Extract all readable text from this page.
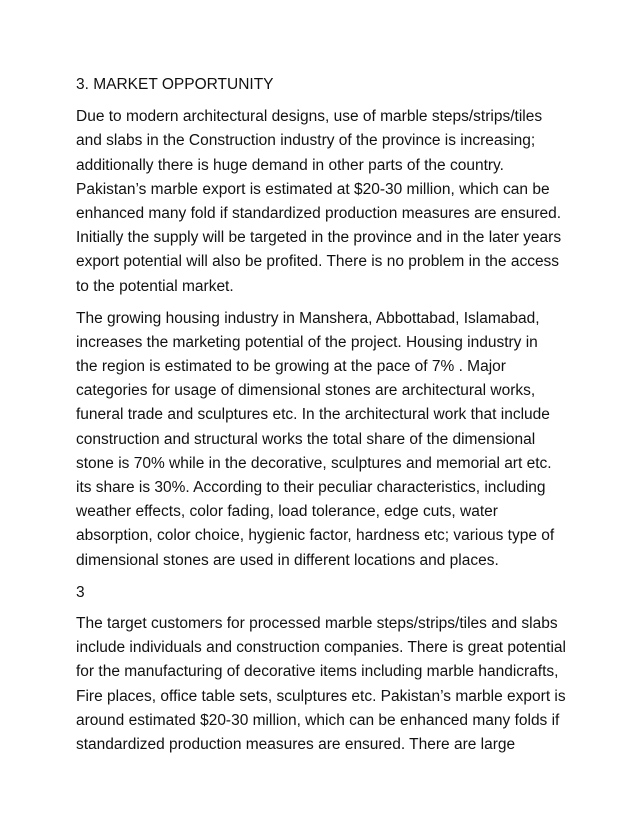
3. MARKET OPPORTUNITY
Due to modern architectural designs, use of marble steps/strips/tiles
and slabs in the Construction industry of the province is increasing;
additionally there is huge demand in other parts of the country.
Pakistan’s marble export is estimated at $20-30 million, which can be
enhanced many fold if standardized production measures are ensured.
Initially the supply will be targeted in the province and in the later years
export potential will also be profited. There is no problem in the access
to the potential market.
The growing housing industry in Manshera, Abbottabad, Islamabad,
increases the marketing potential of the project. Housing industry in
the region is estimated to be growing at the pace of 7% . Major
categories for usage of dimensional stones are architectural works,
funeral trade and sculptures etc. In the architectural work that include
construction and structural works the total share of the dimensional
stone is 70% while in the decorative, sculptures and memorial art etc.
its share is 30%. According to their peculiar characteristics, including
weather effects, color fading, load tolerance, edge cuts, water
absorption, color choice, hygienic factor, hardness etc; various type of
dimensional stones are used in different locations and places.
3
The target customers for processed marble steps/strips/tiles and slabs
include individuals and construction companies. There is great potential
for the manufacturing of decorative items including marble handicrafts,
Fire places, office table sets, sculptures etc. Pakistan’s marble export is
around estimated $20-30 million, which can be enhanced many folds if
standardized production measures are ensured. There are large
